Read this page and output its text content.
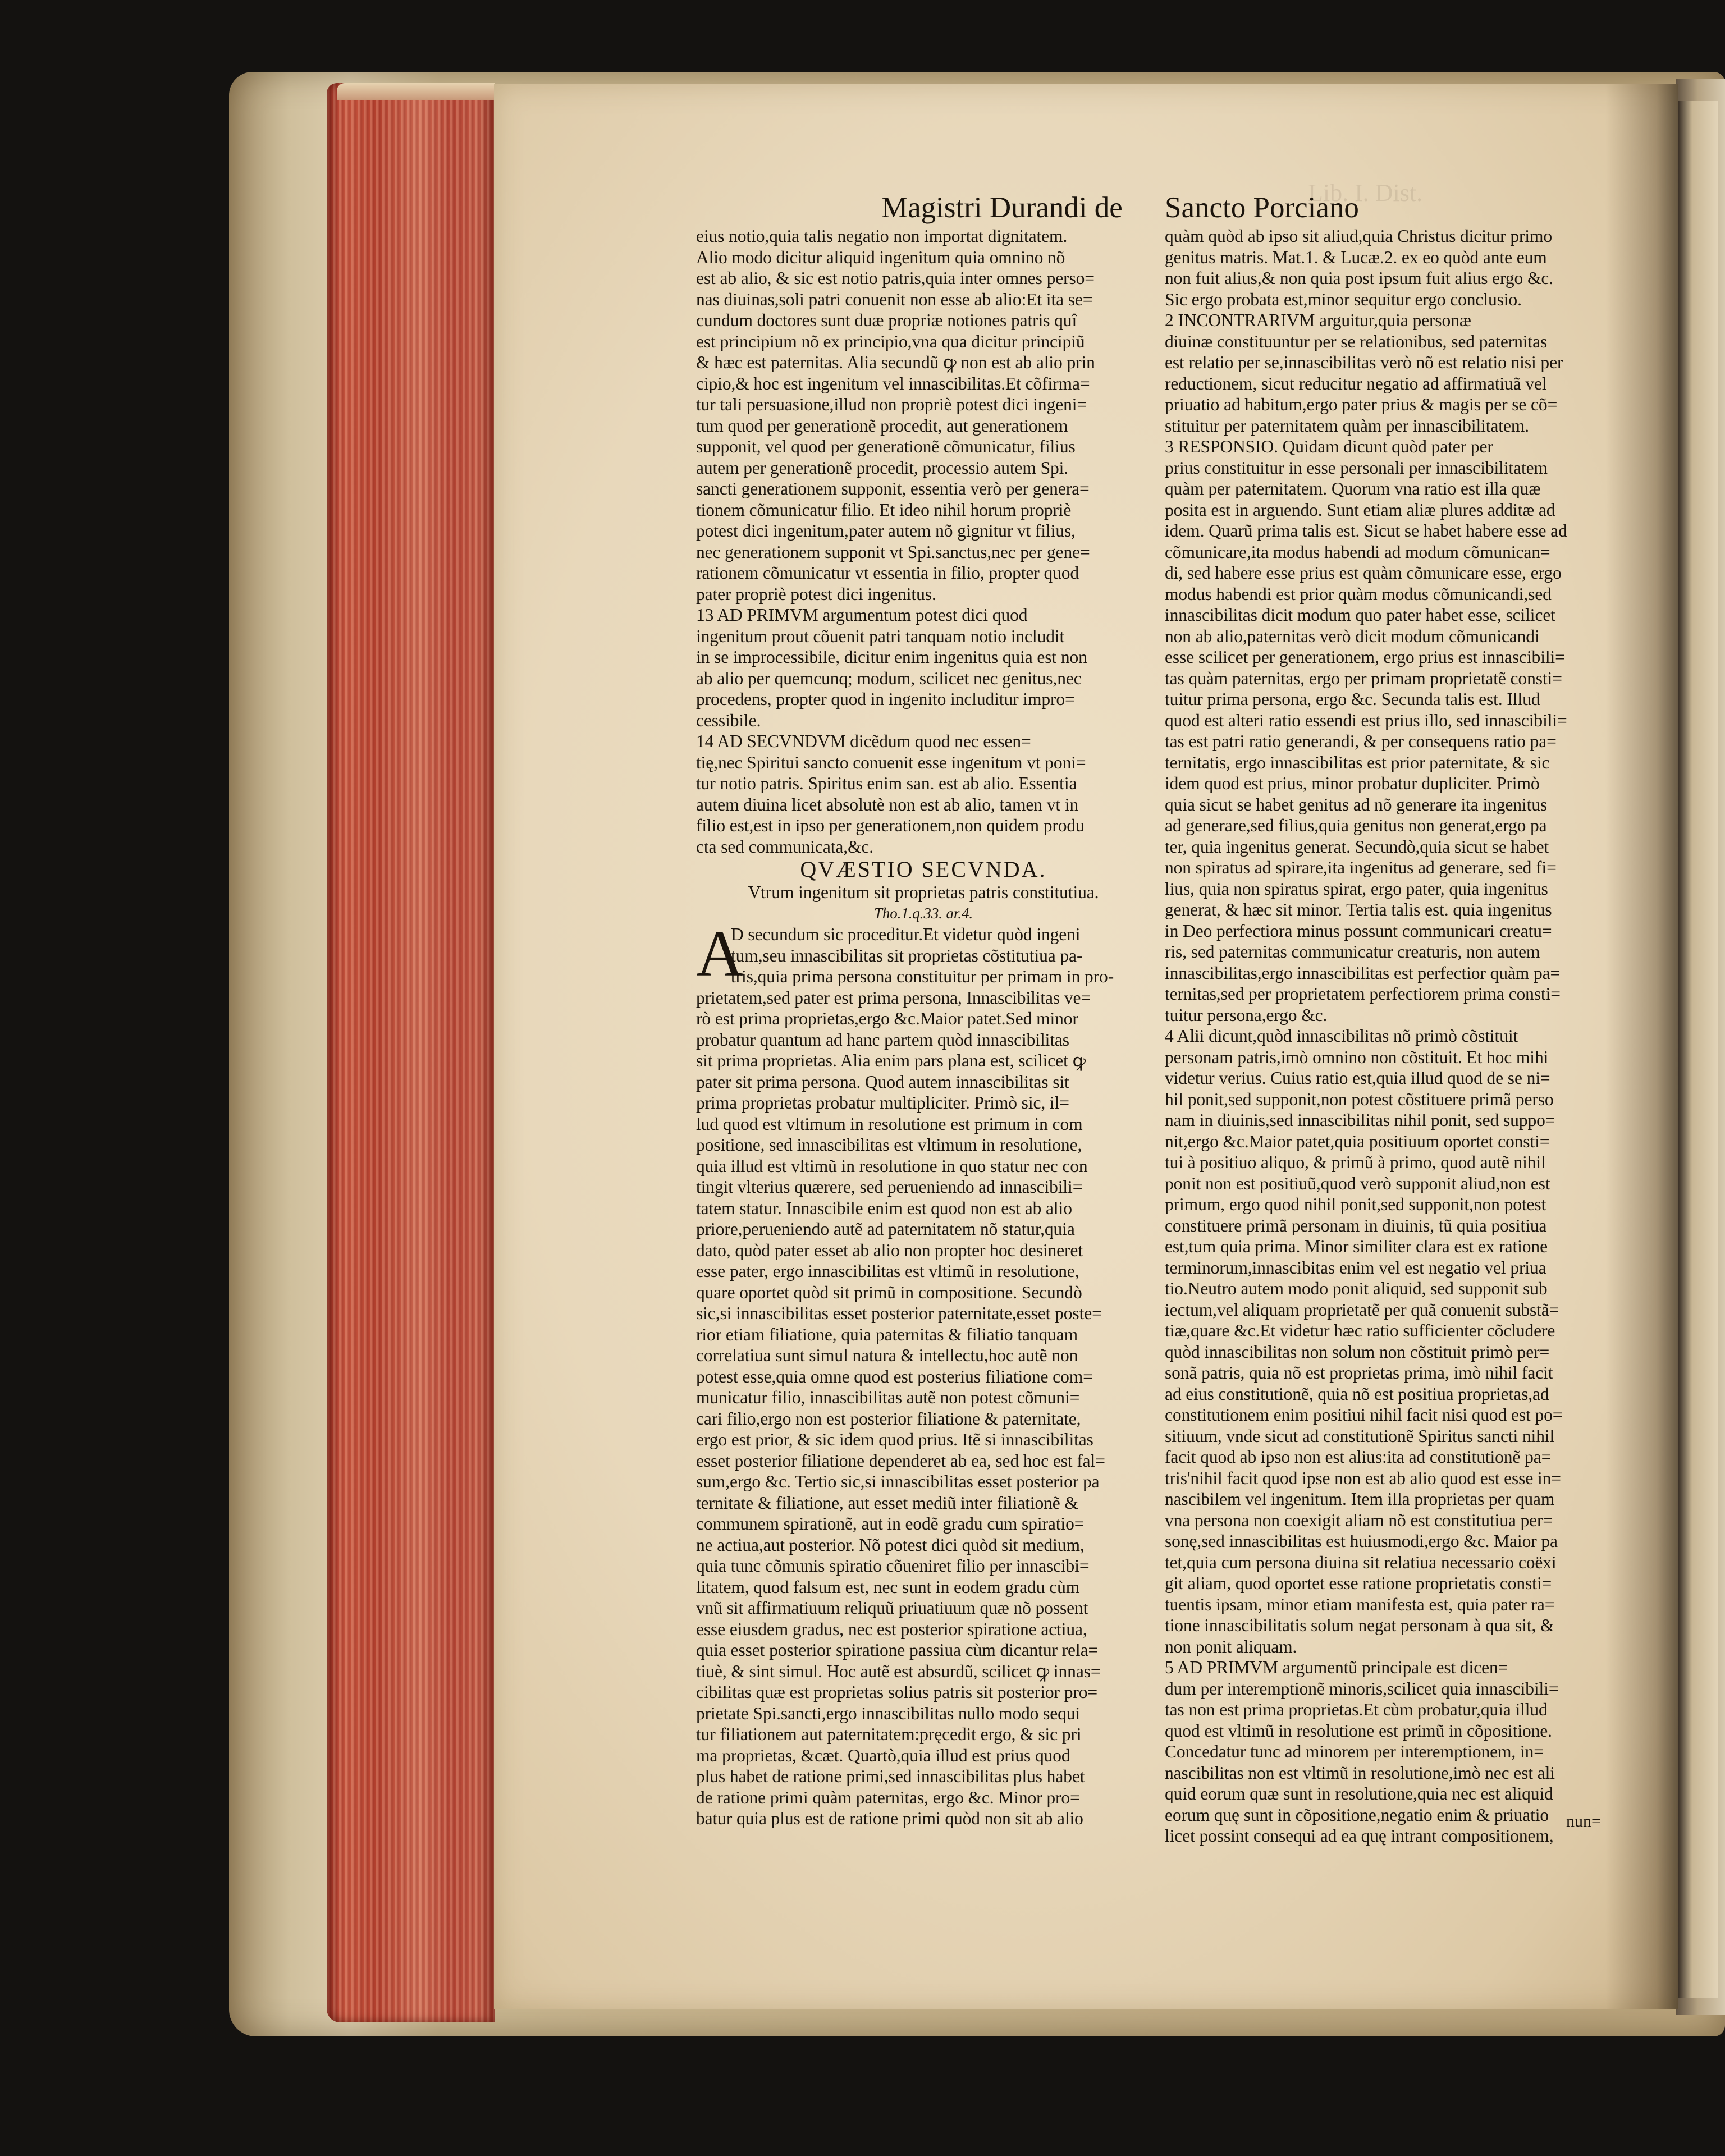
Lib. I. Dist.
Magistri Durandi de Sancto Porciano
eius notio,quia talis negatio non importat dignitatem.
Alio modo dicitur aliquid ingenitum quia omnino nõ
est ab alio, & sic est notio patris,quia inter omnes perso=
nas diuinas,soli patri conuenit non esse ab alio:Et ita se=
cundum doctores sunt duæ propriæ notiones patris quî
est principium nõ ex principio,vna qua dicitur principiũ
& hæc est paternitas. Alia secundũ ꝙ non est ab alio prin
cipio,& hoc est ingenitum vel innascibilitas.Et cõfirma=
tur tali persuasione,illud non propriè potest dici ingeni=
tum quod per generationẽ procedit, aut generationem
supponit, vel quod per generationẽ cõmunicatur, filius
autem per generationẽ procedit, processio autem Spi.
sancti generationem supponit, essentia verò per genera=
tionem cõmunicatur filio. Et ideo nihil horum propriè
potest dici ingenitum,pater autem nõ gignitur vt filius,
nec generationem supponit vt Spi.sanctus,nec per gene=
rationem cõmunicatur vt essentia in filio, propter quod
pater propriè potest dici ingenitus.
13 AD PRIMVM argumentum potest dici quod
ingenitum prout cõuenit patri tanquam notio includit
in se improcessibile, dicitur enim ingenitus quia est non
ab alio per quemcunq; modum, scilicet nec genitus,nec
procedens, propter quod in ingenito includitur impro=
cessibile.
14 AD SECVNDVM dicẽdum quod nec essen=
tię,nec Spiritui sancto conuenit esse ingenitum vt poni=
tur notio patris. Spiritus enim san. est ab alio. Essentia
autem diuina licet absolutè non est ab alio, tamen vt in
filio est,est in ipso per generationem,non quidem produ
cta sed communicata,&c.
QVÆSTIO SECVNDA.
Vtrum ingenitum sit proprietas patris constitutiua.
Tho.1.q.33. ar.4.
D secundum sic proceditur.Et videtur quòd ingeni
tum,seu innascibilitas sit proprietas cõstitutiua pa-
tris,quia prima persona constituitur per primam in pro-
prietatem,sed pater est prima persona, Innascibilitas ve=
rò est prima proprietas,ergo &c.Maior patet.Sed minor
probatur quantum ad hanc partem quòd innascibilitas
sit prima proprietas. Alia enim pars plana est, scilicet ꝙ
pater sit prima persona. Quod autem innascibilitas sit
prima proprietas probatur multipliciter. Primò sic, il=
lud quod est vltimum in resolutione est primum in com
positione, sed innascibilitas est vltimum in resolutione,
quia illud est vltimũ in resolutione in quo statur nec con
tingit vlterius quærere, sed perueniendo ad innascibili=
tatem statur. Innascibile enim est quod non est ab alio
priore,perueniendo autẽ ad paternitatem nõ statur,quia
dato, quòd pater esset ab alio non propter hoc desineret
esse pater, ergo innascibilitas est vltimũ in resolutione,
quare oportet quòd sit primũ in compositione. Secundò
sic,si innascibilitas esset posterior paternitate,esset poste=
rior etiam filiatione, quia paternitas & filiatio tanquam
correlatiua sunt simul natura & intellectu,hoc autẽ non
potest esse,quia omne quod est posterius filiatione com=
municatur filio, innascibilitas autẽ non potest cõmuni=
cari filio,ergo non est posterior filiatione & paternitate,
ergo est prior, & sic idem quod prius. Itẽ si innascibilitas
esset posterior filiatione dependeret ab ea, sed hoc est fal=
sum,ergo &c. Tertio sic,si innascibilitas esset posterior pa
ternitate & filiatione, aut esset mediũ inter filiationẽ &
communem spirationẽ, aut in eodẽ gradu cum spiratio=
ne actiua,aut posterior. Nõ potest dici quòd sit medium,
quia tunc cõmunis spiratio cõueniret filio per innascibi=
litatem, quod falsum est, nec sunt in eodem gradu cùm
vnũ sit affirmatiuum reliquũ priuatiuum quæ nõ possent
esse eiusdem gradus, nec est posterior spiratione actiua,
quia esset posterior spiratione passiua cùm dicantur rela=
tiuè, & sint simul. Hoc autẽ est absurdũ, scilicet ꝙ innas=
cibilitas quæ est proprietas solius patris sit posterior pro=
prietate Spi.sancti,ergo innascibilitas nullo modo sequi
tur filiationem aut paternitatem:pręcedit ergo, & sic pri
ma proprietas, &cæt. Quartò,quia illud est prius quod
plus habet de ratione primi,sed innascibilitas plus habet
de ratione primi quàm paternitas, ergo &c. Minor pro=
batur quia plus est de ratione primi quòd non sit ab alio
A
quàm quòd ab ipso sit aliud,quia Christus dicitur primo
genitus matris. Mat.1. & Lucæ.2. ex eo quòd ante eum
non fuit alius,& non quia post ipsum fuit alius ergo &c.
Sic ergo probata est,minor sequitur ergo conclusio.
2 INCONTRARIVM arguitur,quia personæ
diuinæ constituuntur per se relationibus, sed paternitas
est relatio per se,innascibilitas verò nõ est relatio nisi per
reductionem, sicut reducitur negatio ad affirmatiuã vel
priuatio ad habitum,ergo pater prius & magis per se cõ=
stituitur per paternitatem quàm per innascibilitatem.
3 RESPONSIO. Quidam dicunt quòd pater per
prius constituitur in esse personali per innascibilitatem
quàm per paternitatem. Quorum vna ratio est illa quæ
posita est in arguendo. Sunt etiam aliæ plures additæ ad
idem. Quarũ prima talis est. Sicut se habet habere esse ad
cõmunicare,ita modus habendi ad modum cõmunican=
di, sed habere esse prius est quàm cõmunicare esse, ergo
modus habendi est prior quàm modus cõmunicandi,sed
innascibilitas dicit modum quo pater habet esse, scilicet
non ab alio,paternitas verò dicit modum cõmunicandi
esse scilicet per generationem, ergo prius est innascibili=
tas quàm paternitas, ergo per primam proprietatẽ consti=
tuitur prima persona, ergo &c. Secunda talis est. Illud
quod est alteri ratio essendi est prius illo, sed innascibili=
tas est patri ratio generandi, & per consequens ratio pa=
ternitatis, ergo innascibilitas est prior paternitate, & sic
idem quod est prius, minor probatur dupliciter. Primò
quia sicut se habet genitus ad nõ generare ita ingenitus
ad generare,sed filius,quia genitus non generat,ergo pa
ter, quia ingenitus generat. Secundò,quia sicut se habet
non spiratus ad spirare,ita ingenitus ad generare, sed fi=
lius, quia non spiratus spirat, ergo pater, quia ingenitus
generat, & hæc sit minor. Tertia talis est. quia ingenitus
in Deo perfectiora minus possunt communicari creatu=
ris, sed paternitas communicatur creaturis, non autem
innascibilitas,ergo innascibilitas est perfectior quàm pa=
ternitas,sed per proprietatem perfectiorem prima consti=
tuitur persona,ergo &c.
4 Alii dicunt,quòd innascibilitas nõ primò cõstituit
personam patris,imò omnino non cõstituit. Et hoc mihi
videtur verius. Cuius ratio est,quia illud quod de se ni=
hil ponit,sed supponit,non potest cõstituere primã perso
nam in diuinis,sed innascibilitas nihil ponit, sed suppo=
nit,ergo &c.Maior patet,quia positiuum oportet consti=
tui à positiuo aliquo, & primũ à primo, quod autẽ nihil
ponit non est positiuũ,quod verò supponit aliud,non est
primum, ergo quod nihil ponit,sed supponit,non potest
constituere primã personam in diuinis, tũ quia positiua
est,tum quia prima. Minor similiter clara est ex ratione
terminorum,innascibitas enim vel est negatio vel priua
tio.Neutro autem modo ponit aliquid, sed supponit sub
iectum,vel aliquam proprietatẽ per quã conuenit substã=
tiæ,quare &c.Et videtur hæc ratio sufficienter cõcludere
quòd innascibilitas non solum non cõstituit primò per=
sonã patris, quia nõ est proprietas prima, imò nihil facit
ad eius constitutionẽ, quia nõ est positiua proprietas,ad
constitutionem enim positiui nihil facit nisi quod est po=
sitiuum, vnde sicut ad constitutionẽ Spiritus sancti nihil
facit quod ab ipso non est alius:ita ad constitutionẽ pa=
tris'nihil facit quod ipse non est ab alio quod est esse in=
nascibilem vel ingenitum. Item illa proprietas per quam
vna persona non coexigit aliam nõ est constitutiua per=
sonę,sed innascibilitas est huiusmodi,ergo &c. Maior pa
tet,quia cum persona diuina sit relatiua necessario coëxi
git aliam, quod oportet esse ratione proprietatis consti=
tuentis ipsam, minor etiam manifesta est, quia pater ra=
tione innascibilitatis solum negat personam à qua sit, &
non ponit aliquam.
5 AD PRIMVM argumentũ principale est dicen=
dum per interemptionẽ minoris,scilicet quia innascibili=
tas non est prima proprietas.Et cùm probatur,quia illud
quod est vltimũ in resolutione est primũ in cõpositione.
Concedatur tunc ad minorem per interemptionem, in=
nascibilitas non est vltimũ in resolutione,imò nec est ali
quid eorum quæ sunt in resolutione,quia nec est aliquid
eorum quę sunt in cõpositione,negatio enim & priuatio
licet possint consequi ad ea quę intrant compositionem,
nun=
